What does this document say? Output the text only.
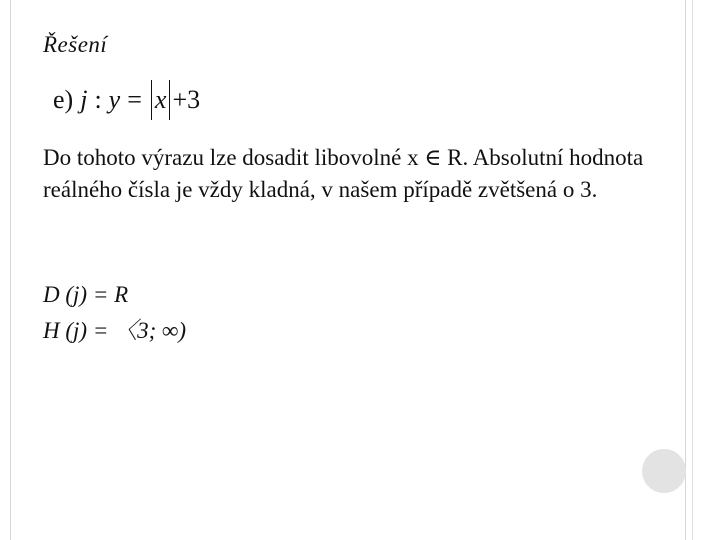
Řešení
e) j : y = x + 3
Do tohoto výrazu lze dosadit libovolné x ∈ R. Absolutní hodnota reálného čísla je vždy kladná, v našem případě zvětšená o 3.
D (j) = R
H (j) = 〈3; ∞)
